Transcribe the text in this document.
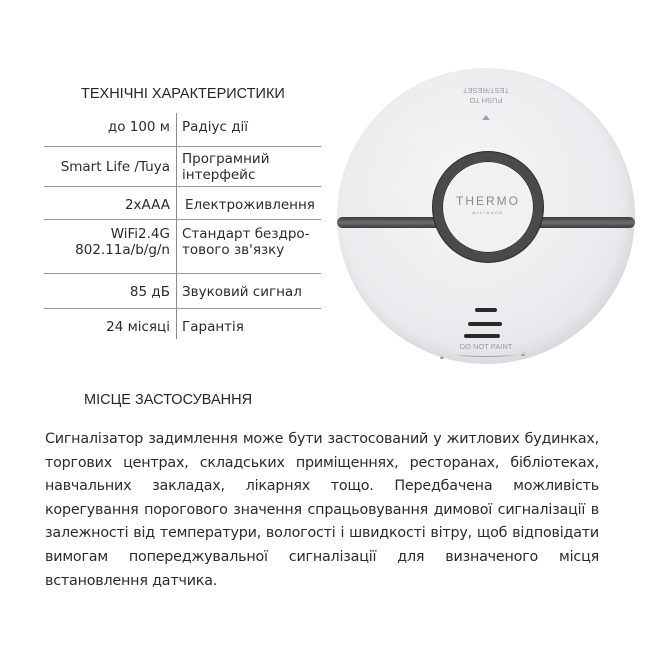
ТЕХНІЧНІ ХАРАКТЕРИСТИКИ
до 100 м Радіус дії
Smart Life /Tuya Програмний
інтерфейс
2xAAA Електроживлення
WiFi2.4G
802.11a/b/g/n
Стандарт бездро-
тового зв'язку
85 дБ Звуковий сигнал
24 місяці Гарантія
PUSH TO
TEST/RESET
THERMO
ALLIANCE
DO NOT PAINT
🔒︎	🔓︎
МІСЦЕ ЗАСТОСУВАННЯ
Сигналізатор задимлення може бути застосований у житлових будинках, торгових центрах, складських приміщеннях, ресторанах, бібліотеках, навчальних закладах, лікарнях тощо. Передбачена можливість корегування порогового значення спрацьовування димової сигналізації в залежності від температури, вологості і швидкості вітру, щоб відповідати вимогам попереджувальної сигналізації для визначеного місця встановлення датчика.
